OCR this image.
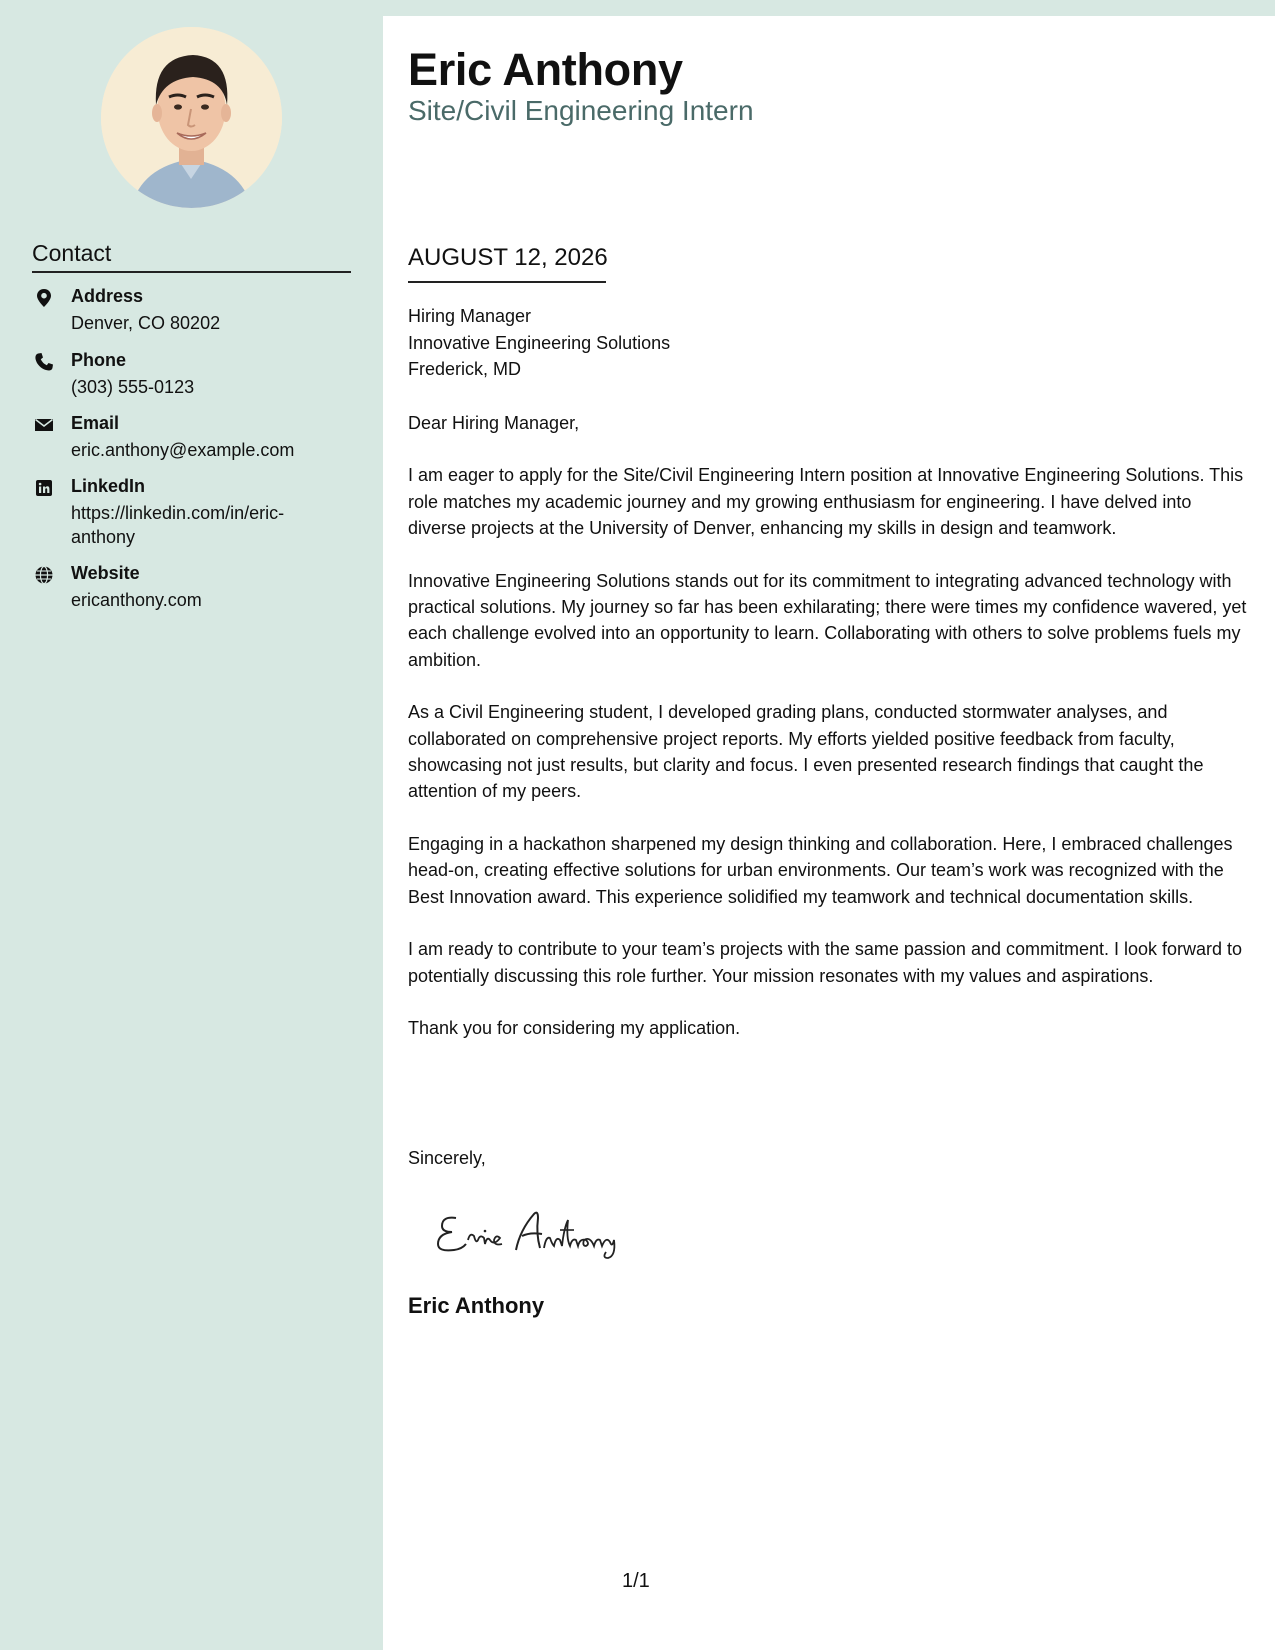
Contact
Address
Denver, CO 80202
Phone
(303) 555-0123
Email
eric.anthony@example.com
LinkedIn
https://linkedin.com/in/eric-anthony
Website
ericanthony.com
Eric Anthony
Site/Civil Engineering Intern
AUGUST 12, 2026
Hiring Manager
Innovative Engineering Solutions
Frederick, MD

Dear Hiring Manager,

I am eager to apply for the Site/Civil Engineering Intern position at Innovative Engineering Solutions. This role matches my academic journey and my growing enthusiasm for engineering. I have delved into diverse projects at the University of Denver, enhancing my skills in design and teamwork.

Innovative Engineering Solutions stands out for its commitment to integrating advanced technology with practical solutions. My journey so far has been exhilarating; there were times my confidence wavered, yet each challenge evolved into an opportunity to learn. Collaborating with others to solve problems fuels my ambition.

As a Civil Engineering student, I developed grading plans, conducted stormwater analyses, and collaborated on comprehensive project reports. My efforts yielded positive feedback from faculty, showcasing not just results, but clarity and focus. I even presented research findings that caught the attention of my peers.

Engaging in a hackathon sharpened my design thinking and collaboration. Here, I embraced challenges head-on, creating effective solutions for urban environments. Our team’s work was recognized with the Best Innovation award. This experience solidified my teamwork and technical documentation skills.

I am ready to contribute to your team’s projects with the same passion and commitment. I look forward to potentially discussing this role further. Your mission resonates with my values and aspirations.

Thank you for considering my application.

Sincerely,
Eric Anthony
1/1
